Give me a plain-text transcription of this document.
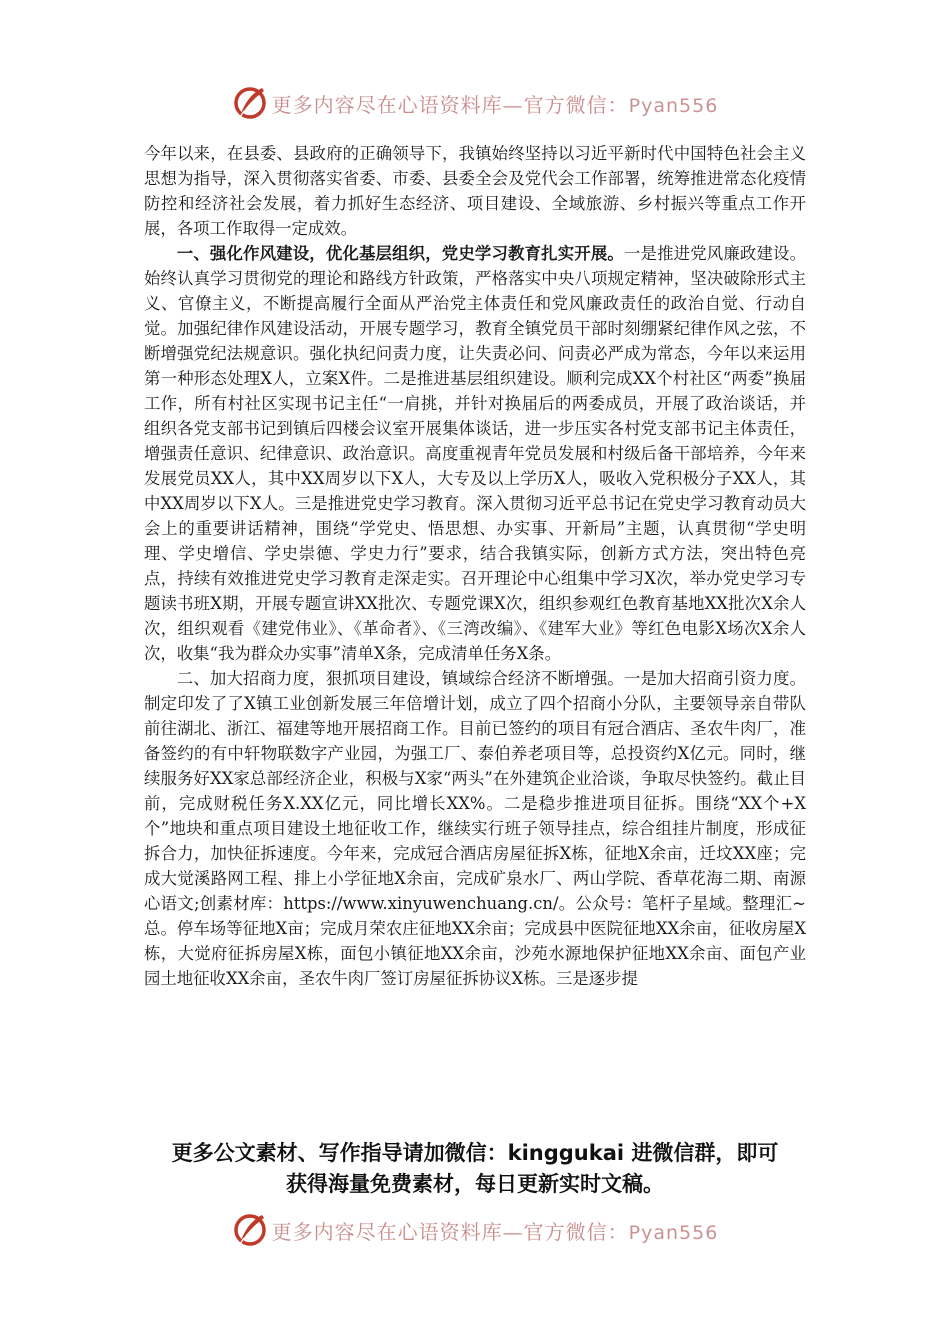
更多内容尽在心语资料库—官方微信：Pyan556

今年以来，在县委、县政府的正确领导下，我镇始终坚持以习近平新时代中国特色社会主义思想为指导，深入贯彻落实省委、市委、县委全会及党代会工作部署，统筹推进常态化疫情防控和经济社会发展，着力抓好生态经济、项目建设、全域旅游、乡村振兴等重点工作开展，各项工作取得一定成效。

一、强化作风建设，优化基层组织，党史学习教育扎实开展。一是推进党风廉政建设。始终认真学习贯彻党的理论和路线方针政策，严格落实中央八项规定精神，坚决破除形式主义、官僚主义，不断提高履行全面从严治党主体责任和党风廉政责任的政治自觉、行动自觉。加强纪律作风建设活动，开展专题学习，教育全镇党员干部时刻绷紧纪律作风之弦，不断增强党纪法规意识。强化执纪问责力度，让失责必问、问责必严成为常态，今年以来运用第一种形态处理X人，立案X件。二是推进基层组织建设。顺利完成XX个村社区“两委”换届工作，所有村社区实现书记主任“一肩挑，并针对换届后的两委成员，开展了政治谈话，并组织各党支部书记到镇后四楼会议室开展集体谈话，进一步压实各村党支部书记主体责任，增强责任意识、纪律意识、政治意识。高度重视青年党员发展和村级后备干部培养，今年来发展党员XX人，其中XX周岁以下X人，大专及以上学历X人，吸收入党积极分子XX人，其中XX周岁以下X人。三是推进党史学习教育。深入贯彻习近平总书记在党史学习教育动员大会上的重要讲话精神，围绕“学党史、悟思想、办实事、开新局”主题，认真贯彻“学史明理、学史增信、学史崇德、学史力行”要求，结合我镇实际，创新方式方法，突出特色亮点，持续有效推进党史学习教育走深走实。召开理论中心组集中学习X次，举办党史学习专题读书班X期，开展专题宣讲XX批次、专题党课X次，组织参观红色教育基地XX批次X余人次，组织观看《建党伟业》、《革命者》、《三湾改编》、《建军大业》等红色电影X场次X余人次，收集“我为群众办实事”清单X条，完成清单任务X条。

二、加大招商力度，狠抓项目建设，镇域综合经济不断增强。一是加大招商引资力度。制定印发了了X镇工业创新发展三年倍增计划，成立了四个招商小分队，主要领导亲自带队前往湖北、浙江、福建等地开展招商工作。目前已签约的项目有冠合酒店、圣农牛肉厂，准备签约的有中轩物联数字产业园，为强工厂、泰伯养老项目等，总投资约X亿元。同时，继续服务好XX家总部经济企业，积极与X家“两头”在外建筑企业洽谈，争取尽快签约。截止目前，完成财税任务X.XX亿元，同比增长XX%。二是稳步推进项目征拆。围绕“XX个+X个”地块和重点项目建设土地征收工作，继续实行班子领导挂点，综合组挂片制度，形成征拆合力，加快征拆速度。今年来，完成冠合酒店房屋征拆X栋，征地X余亩，迁坟XX座；完成大觉溪路网工程、排上小学征地X余亩，完成矿泉水厂、两山学院、香草花海二期、南源心语文;创素材库：https://www.xinyuwenchuang.cn/。公众号：笔杆子星域。整理汇~总。停车场等征地X亩；完成月荣农庄征地XX余亩；完成县中医院征地XX余亩，征收房屋X栋，大觉府征拆房屋X栋，面包小镇征地XX余亩，沙苑水源地保护征地XX余亩、面包产业园土地征收XX余亩，圣农牛肉厂签订房屋征拆协议X栋。三是逐步提

更多公文素材、写作指导请加微信：kinggukai 进微信群，即可
获得海量免费素材，每日更新实时文稿。
更多内容尽在心语资料库—官方微信：Pyan556
